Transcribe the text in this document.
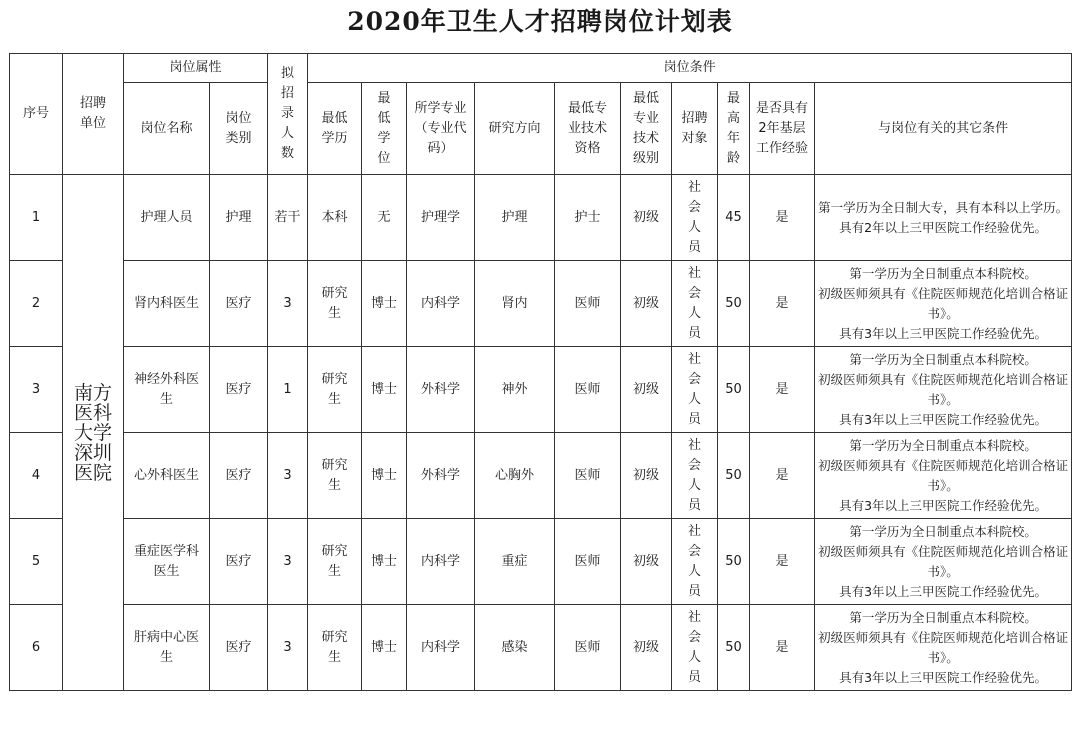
2020年卫生人才招聘岗位计划表
序号	招聘单位	岗位属性		拟招录人数	岗位条件									
		岗位名称	岗位类别		最低学历	最低学位	所学专业（专业代码）	研究方向	最低专业技术资格	最低专业技术级别	招聘对象	最高年龄	是否具有2年基层工作经验	与岗位有关的其它条件

1	南方医科大学深圳医院	护理人员	护理	若干	本科	无	护理学	护理	护士	初级	社会人员	45	是	第一学历为全日制大专，具有本科以上学历。
具有2年以上三甲医院工作经验优先。

2		肾内科医生	医疗	3	研究生	博士	内科学	肾内	医师	初级	社会人员	50	是	第一学历为全日制重点本科院校。
初级医师须具有《住院医师规范化培训合格证书》。
具有3年以上三甲医院工作经验优先。

3		神经外科医生	医疗	1	研究生	博士	外科学	神外	医师	初级	社会人员	50	是	第一学历为全日制重点本科院校。
初级医师须具有《住院医师规范化培训合格证书》。
具有3年以上三甲医院工作经验优先。

4		心外科医生	医疗	3	研究生	博士	外科学	心胸外	医师	初级	社会人员	50	是	第一学历为全日制重点本科院校。
初级医师须具有《住院医师规范化培训合格证书》。
具有3年以上三甲医院工作经验优先。

5		重症医学科医生	医疗	3	研究生	博士	内科学	重症	医师	初级	社会人员	50	是	第一学历为全日制重点本科院校。
初级医师须具有《住院医师规范化培训合格证书》。
具有3年以上三甲医院工作经验优先。

6		肝病中心医生	医疗	3	研究生	博士	内科学	感染	医师	初级	社会人员	50	是	第一学历为全日制重点本科院校。
初级医师须具有《住院医师规范化培训合格证书》。
具有3年以上三甲医院工作经验优先。
